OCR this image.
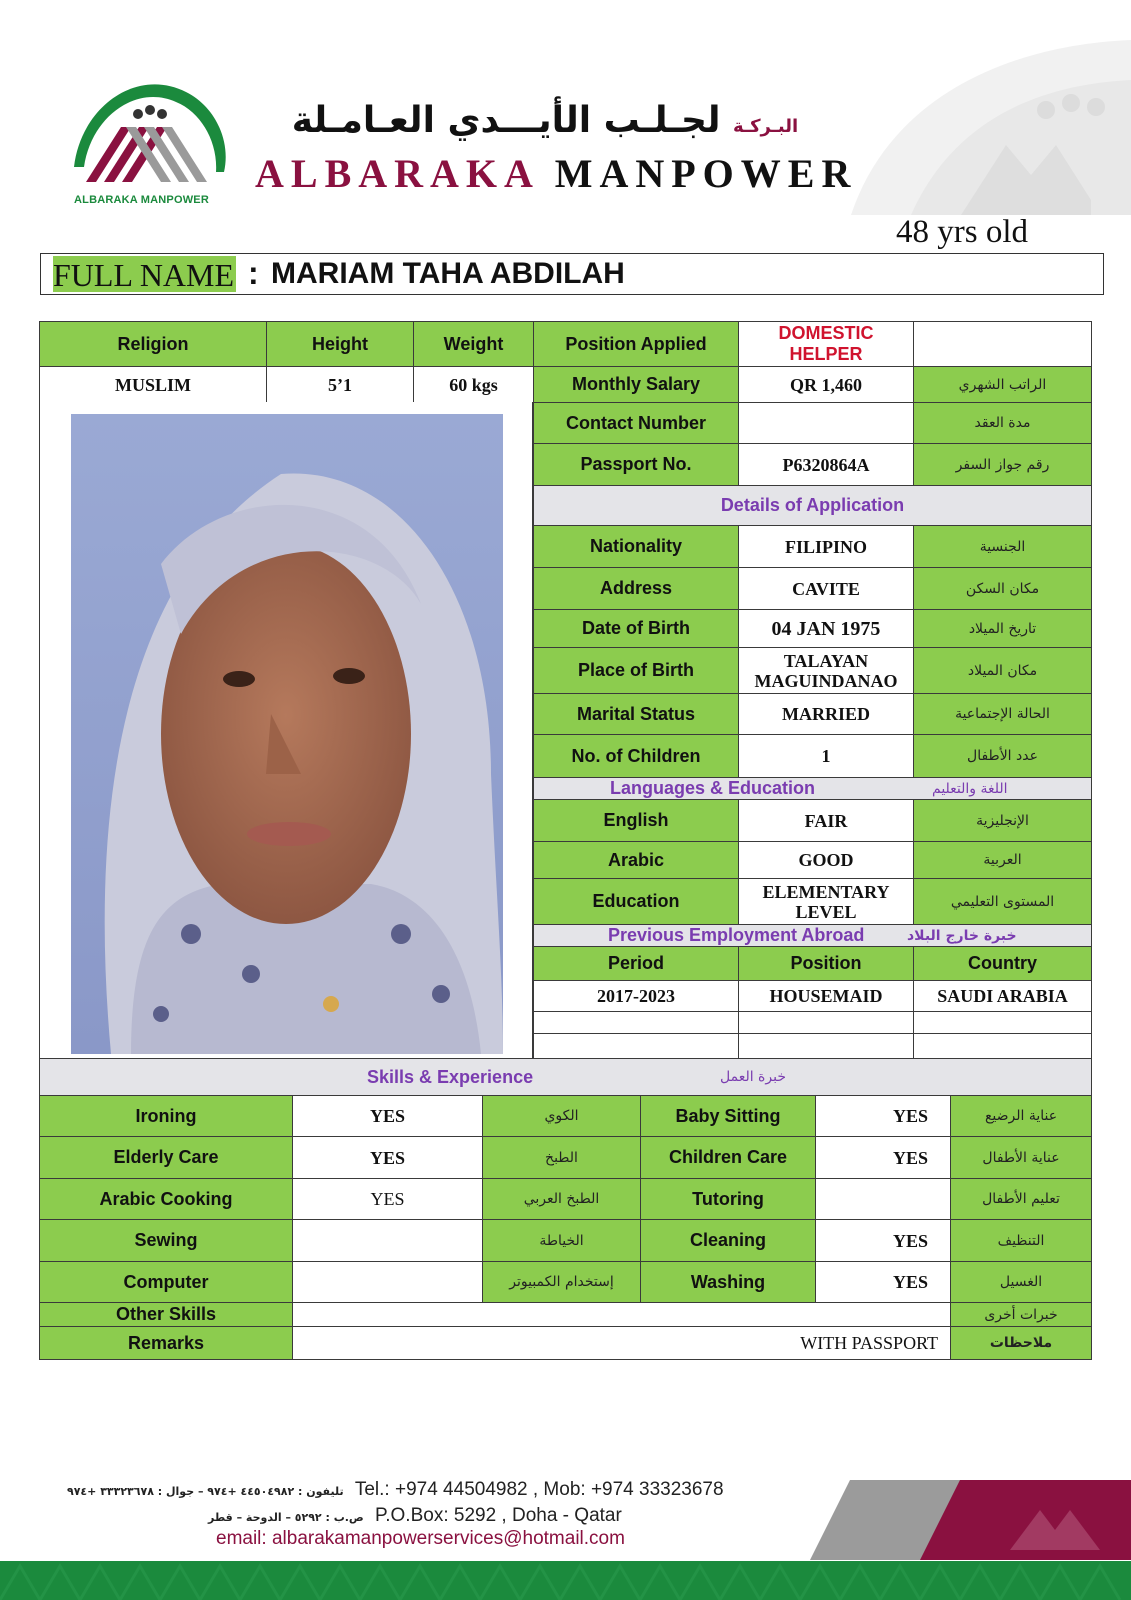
ALBARAKA MANPOWER
البـركـة لجـلـب الأيـــدي العـامـلة
ALBARAKA MANPOWER
48 yrs old
FULL NAME : MARIAM TAHA ABDILAH
Religion	Height	Weight	Position Applied
DOMESTIC
HELPER
MUSLIM	5’1	60 kgs	Monthly Salary	QR 1,460	الراتب الشهري
Contact Number	مدة العقد
Passport No.	P6320864A	رقم جواز السفر
Details of Application
Nationality	FILIPINO	الجنسية
Address	CAVITE	مكان السكن
Date of Birth	04 JAN 1975	تاريخ الميلاد
Place of Birth	TALAYAN
MAGUINDANAO	مكان الميلاد
Marital Status	MARRIED	الحالة الإجتماعية
No. of Children	1	عدد الأطفال
Languages & Education	اللغة والتعليم
English	FAIR	الإنجليزية
Arabic	GOOD	العربية
Education	ELEMENTARY
LEVEL	المستوى التعليمي
Previous Employment Abroad	خبرة خارج البلاد
Period	Position	Country
2017-2023	HOUSEMAID	SAUDI ARABIA
Skills & Experience	خبرة العمل
Ironing	YES	الكوي	Baby Sitting	YES	عناية الرضيع
Elderly Care	YES	الطبخ	Children Care	YES	عناية الأطفال
Arabic Cooking	YES	الطبخ العربي	Tutoring	تعليم الأطفال
Sewing	الخياطة	Cleaning	YES	التنظيف
Computer	إستخدام الكمبيوتر	Washing	YES	الغسيل
Other Skills	خبرات أخرى
Remarks	WITH PASSPORT	ملاحظات
تليفون : ٤٤٥٠٤٩٨٢ +٩٧٤ – جوال : ٣٣٣٢٣٦٧٨ +٩٧٤ Tel.: +974 44504982 , Mob: +974 33323678
ص.ب : ٥٢٩٢ – الدوحة – قطر P.O.Box: 5292 , Doha - Qatar
email: albarakamanpowerservices@hotmail.com
